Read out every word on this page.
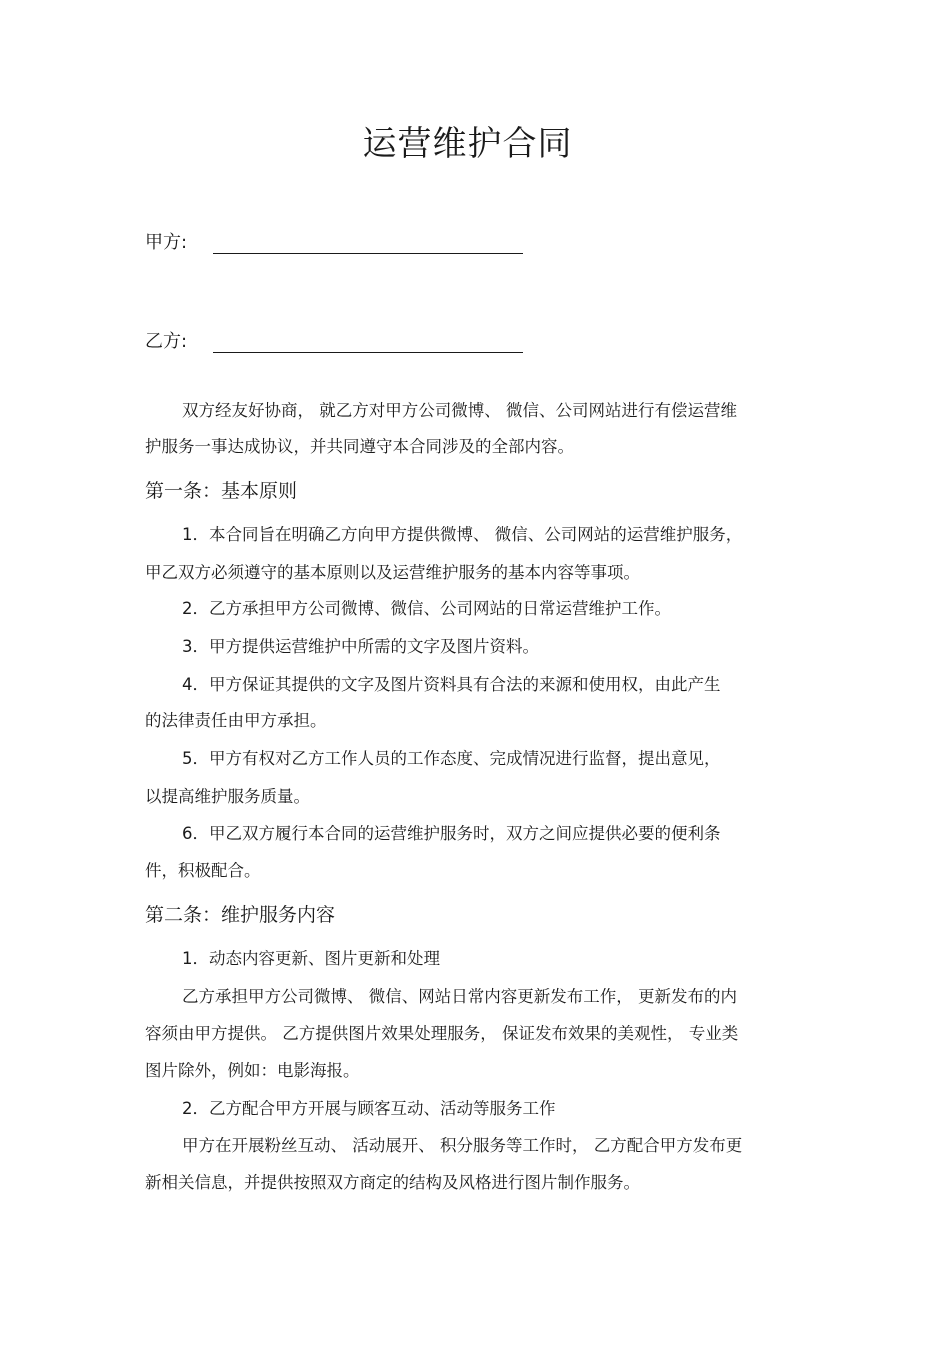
运营维护合同
甲方:
乙方:
双方经友好协商， 就乙方对甲方公司微博、 微信、公司网站进行有偿运营维
护服务一事达成协议，并共同遵守本合同涉及的全部内容。
第一条：基本原则
1．本合同旨在明确乙方向甲方提供微博、 微信、公司网站的运营维护服务，
甲乙双方必须遵守的基本原则以及运营维护服务的基本内容等事项。
2．乙方承担甲方公司微博、微信、公司网站的日常运营维护工作。
3．甲方提供运营维护中所需的文字及图片资料。
4．甲方保证其提供的文字及图片资料具有合法的来源和使用权，由此产生
的法律责任由甲方承担。
5．甲方有权对乙方工作人员的工作态度、完成情况进行监督，提出意见，
以提高维护服务质量。
6．甲乙双方履行本合同的运营维护服务时，双方之间应提供必要的便利条
件，积极配合。
第二条：维护服务内容
1．动态内容更新、图片更新和处理
乙方承担甲方公司微博、 微信、网站日常内容更新发布工作， 更新发布的内
容须由甲方提供。 乙方提供图片效果处理服务， 保证发布效果的美观性， 专业类
图片除外，例如：电影海报。
2．乙方配合甲方开展与顾客互动、活动等服务工作
甲方在开展粉丝互动、 活动展开、 积分服务等工作时， 乙方配合甲方发布更
新相关信息，并提供按照双方商定的结构及风格进行图片制作服务。
